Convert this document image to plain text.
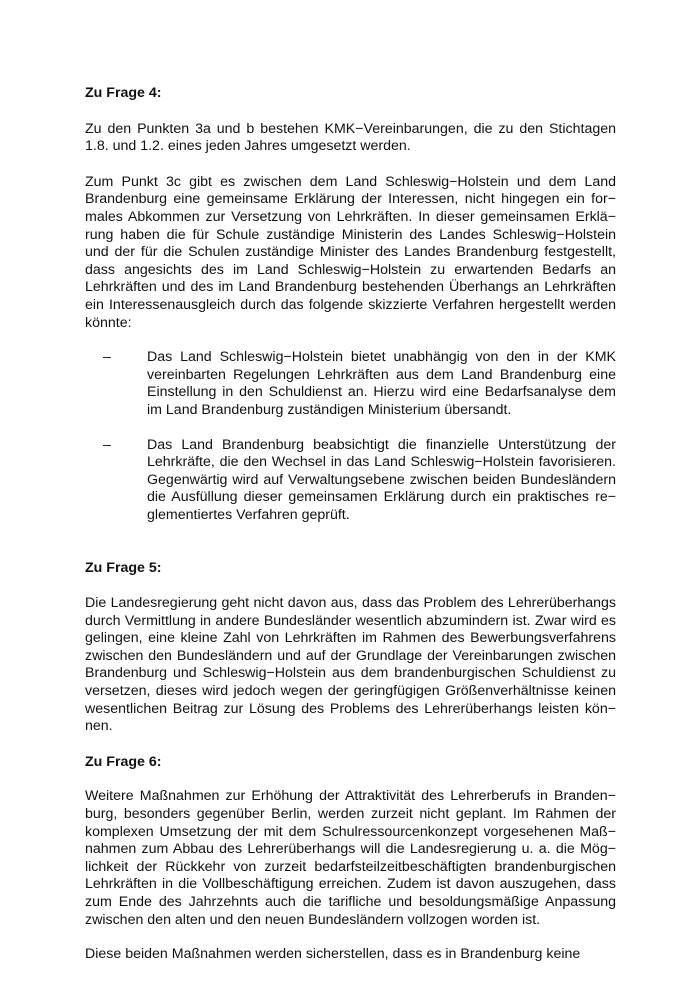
Zu Frage 4:

Zu den Punkten 3a und b bestehen KMK−Vereinbarungen, die zu den Stichtagen 1.8. und 1.2. eines jeden Jahres umgesetzt werden.

Zum Punkt 3c gibt es zwischen dem Land Schleswig−Holstein und dem Land Brandenburg eine gemeinsame Erklärung der Interessen, nicht hingegen ein for− males Abkommen zur Versetzung von Lehrkräften. In dieser gemeinsamen Erklä− rung haben die für Schule zuständige Ministerin des Landes Schleswig−Holstein und der für die Schulen zuständige Minister des Landes Brandenburg festgestellt, dass angesichts des im Land Schleswig−Holstein zu erwartenden Bedarfs an Lehrkräften und des im Land Brandenburg bestehenden Überhangs an Lehrkräften ein Interessenausgleich durch das folgende skizzierte Verfahren hergestellt werden könnte:

–	Das Land Schleswig−Holstein bietet unabhängig von den in der KMK vereinbarten Regelungen Lehrkräften aus dem Land Brandenburg eine Einstellung in den Schuldienst an. Hierzu wird eine Bedarfsanalyse dem im Land Brandenburg zuständigen Ministerium übersandt.
–	Das Land Brandenburg beabsichtigt die finanzielle Unterstützung der Lehrkräfte, die den Wechsel in das Land Schleswig−Holstein favorisieren. Gegenwärtig wird auf Verwaltungsebene zwischen beiden Bundesländern die Ausfüllung dieser gemeinsamen Erklärung durch ein praktisches re− glementiertes Verfahren geprüft.

Zu Frage 5:

Die Landesregierung geht nicht davon aus, dass das Problem des Lehrerüberhangs durch Vermittlung in andere Bundesländer wesentlich abzumindern ist. Zwar wird es gelingen, eine kleine Zahl von Lehrkräften im Rahmen des Bewerbungsverfahrens zwischen den Bundesländern und auf der Grundlage der Vereinbarungen zwischen Brandenburg und Schleswig−Holstein aus dem brandenburgischen Schuldienst zu versetzen, dieses wird jedoch wegen der geringfügigen Größenverhältnisse keinen wesentlichen Beitrag zur Lösung des Problems des Lehrerüberhangs leisten kön− nen.

Zu Frage 6:

Weitere Maßnahmen zur Erhöhung der Attraktivität des Lehrerberufs in Branden− burg, besonders gegenüber Berlin, werden zurzeit nicht geplant. Im Rahmen der komplexen Umsetzung der mit dem Schulressourcenkonzept vorgesehenen Maß− nahmen zum Abbau des Lehrerüberhangs will die Landesregierung u. a. die Mög− lichkeit der Rückkehr von zurzeit bedarfsteilzeitbeschäftigten brandenburgischen Lehrkräften in die Vollbeschäftigung erreichen. Zudem ist davon auszugehen, dass zum Ende des Jahrzehnts auch die tarifliche und besoldungsmäßige Anpassung zwischen den alten und den neuen Bundesländern vollzogen worden ist.

Diese beiden Maßnahmen werden sicherstellen, dass es in Brandenburg keine
